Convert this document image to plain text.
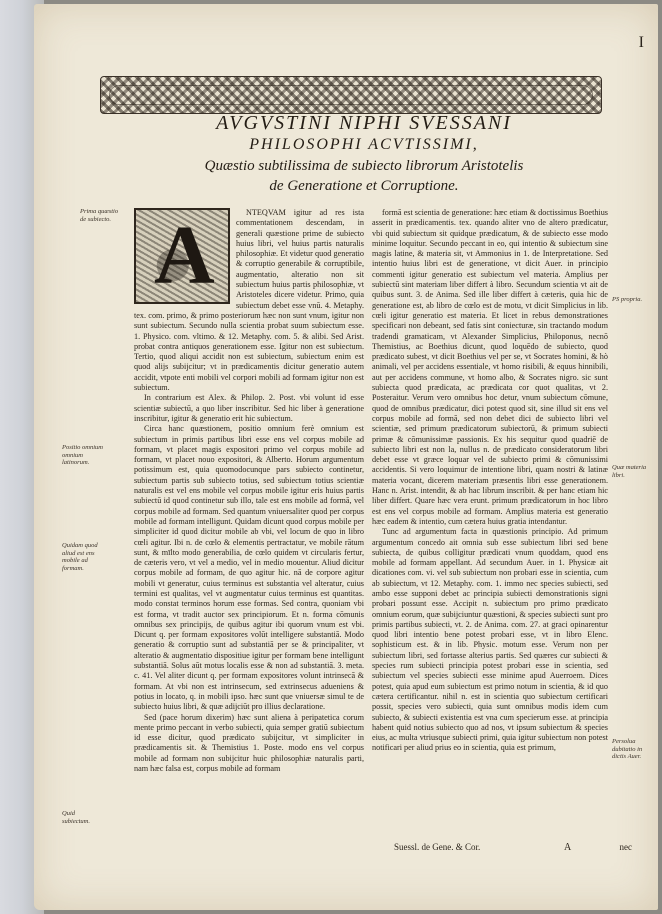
I
AVGVSTINI NIPHI SVESSANI
PHILOSOPHI ACVTISSIMI,
Quæstio subtilissima de subiecto librorum Aristotelis
de Generatione et Corruptione.
Prima quæstio de subiecto.
Positio omnium omnium latinorum.
Quidam quod aliud est ens mobile ad formam.
Quid subiectum.
PS propria.
Quæ materia libri.
Persolua dubitatio in dictis Auer.
A	NTEQVAM igitur ad res ista commentationem descendam, in generali quæstione prime de subiecto huius libri, vel huius partis naturalis philosophiæ. Et videtur quod generatio & corruptio generabile & corruptibile, augmentatio, alteratio non sit subiectum huius partis philosophiæ, vt Aristoteles dicere videtur. Primo, quia subiectum debet esse vnū. 4. Metaphy. tex. com. primo, & primo posteriorum hæc non sunt vnum, igitur non sunt subiectum. Secundo nulla scientia probat suum subiectum esse. 1. Physico. com. vltimo. & 12. Metaphy. com. 5. & alibi. Sed Arist. probat contra antiquos generationem esse. Igitur non est subiectum. Tertio, quod aliqui accidit non est subiectum, subiectum enim est quod alijs subijcitur; vt in prædicamentis dicitur generatio autem accidit, vtpote enti mobili vel corpori mobili ad formam igitur non est subiectum.

In contrarium est Alex. & Philop. 2. Post. vbi volunt id esse scientiæ subiectū, a quo liber inscribitur. Sed hic liber à generatione inscribitur, igitur & generatio erit hic subiectum.

Circa hanc quæstionem, positio omnium ferè omnium est subiectum in primis partibus libri esse ens vel corpus mobile ad formam, vt placet magis expositori primo vel corpus mobile ad formam, vt placet nouo expositori, & Alberto. Horum argumentum potissimum est, quia quomodocunque pars subiecto continetur, subiectum partis sub subiecto totius, sed subiectum totius scientiæ naturalis est vel ens mobile vel corpus mobile igitur eris huius partis subiectū id quod continetur sub illo, tale est ens mobile ad formā, vel corpus mobile ad formam. Sed quantum vniuersaliter quod per corpus mobile ad formam intelligunt. Quidam dicunt quod corpus mobile per simpliciter id quod dicitur mobile ab vbi, vel locum de quo in libro cœli agitur. Ibi n. de cœlo & elementis pertractatur, ve mobile rātum sunt, & mīlto modo generabilia, de cœlo quidem vt circularis fertur, de cæteris vero, vt vel a medio, vel in medio mouentur. Aliud dicitur corpus mobile ad formam, de quo agitur hic. nā de corpore agitur mobili vt generatur, cuius terminus est substantia vel alteratur, cuius termini est qualitas, vel vt augmentatur cuius terminus est quantitas. modo constat terminos horum esse formas. Sed contra, quoniam vbi est forma, vt tradit auctor sex principiorum. Et n. forma cōmunis omnibus sex principijs, de quibus agitur ibi quorum vnum est vbi. Dicunt q. per formam expositores volūt intelligere substantiā. Modo generatio & corruptio sunt ad substantiā per se & principaliter, vt alteratio & augmentatio dispositiue igitur per formam bene intelligunt substantiā. Solus aūt motus localis esse & non ad substantiā. 3. meta. c. 41. Vel aliter dicunt q. per formam expositores volunt intrinsecā & formam. At vbi non est intrinsecum, sed extrinsecus adueniens & potius in locato, q. in mobili ipso. hæc sunt que vniuersæ simul te de subiecto huius libri, & quæ adijciūt pro illius declaratione.

Sed (pace horum dixerim) hæc sunt aliena à peripatetica corum mente primo peccant in verbo subiecti, quia semper gratiū subiectum id esse dicitur, quod prædicato subijcitur, vt simpliciter in prædicamentis sit. & Themistius 1. Poste. modo ens vel corpus mobile ad formam non subijcitur huic philosophiæ naturalis parti, nam hæc falsa est, corpus mobile ad formam

formā est scientia de generatione: hæc etiam & doctissimus Boethius asserit in prædicamentis. tex. quando aliter vno de altero prædicatur, vbi quid subiectum sit quidque prædicatum, & de subiecto esse modo minime loquitur. Secundo peccant in eo, qui intentio & subiectum sine magis latine, & materia sit, vt Ammonius in 1. de Interpretatione. Sed intentio huius libri est de generatione, vt dicit Auer. in principio commenti igitur generatio est subiectum vel materia. Amplius per subiectū sint materiam liber differt à libro. Secundum scientia vt ait de quibus sunt. 3. de Anima. Sed ille liber differt à cæteris, quia hic de generatione est, ab libro de cœlo est de motu, vt dicit Simplicius in lib. cœli igitur generatio est materia. Et licet in rebus demonstrationes specificari non debeant, sed fatis sint coniecturæ, sin tractando modum tradendi gramaticam, vt Alexander Simplicius, Philoponus, necnō Themistius, ac Boethius dicunt, quod loquēdo de subiecto, quod prædicato subest, vt dicit Boethius vel per se, vt Socrates homini, & hò animali, vel per accidens essentiale, vt homo risibili, & equus hinnibili, aut per accidens commune, vt homo albo, & Socrates nigro. sic sunt subiecta quod prædicata, ac prædicata cor quot qualitas, vt 2. Posteraitur. Verum vero omnibus hoc detur, vnum subiectum cōmune, quod de omnibus prædicatur, dici potest quod sit, sine illud sit ens vel corpus mobile ad formā, sed non debet dici de subiecto libri vel scientiæ, sed primum prædicatorum subiectorū, & primum subiecti primæ & cōmunissimæ passionis. Ex his sequitur quod quadriē de subiecto libri est non la, nullus n. de prædicato consideratorum libri debet esse vt græce loquar vel de subiecto primi & cōmunissimi accidentis. Si vero loquimur de intentione libri, quam nostri & latinæ materia vocant, dicerem materiam præsentis libri esse generationem. Hanc n. Arist. intendit, & ab hac librum inscribit. & per hanc etiam hic liber differt. Quare hæc vera erunt. primum prædicatorum in hoc libro est ens vel corpus mobile ad formam. Amplius materia est generatio hæc eadem & intentio, cum cætera huius gratia intendantur.

Tunc ad argumentum facta in quæstionis principio. Ad primum argumentum concedo ait omnia sub esse subiectum libri sed bene subiecta, de quibus colligitur prædicati vnum quoddam, quod ens mobile ad formam appellant. Ad secundum Auer. in 1. Physicæ ait dicationes com. vi. vel sub subiectum non probari esse in scientia, cum ab subiectum, vt 12. Metaphy. com. 1. immo nec species subiecti, sed ambo esse supponi debet ac principia subiecti demonstrationis signi probari possunt esse. Accipit n. subiectum pro primo prædicato omnium eorum, quæ subijciuntur quæstioni, & species subiecti sunt pro primis partibus subiecti, vt. 2. de Anima. com. 27. at graci opinarentur quod libri intentio bene potest probari esse, vt in libro Elenc. sophisticum est. & in lib. Physic. motum esse. Verum non per subiectum libri, sed fortasse alterius partis. Sed quæres cur subiecti & species rum subiecti principia potest probari esse in scientia, sed subiectum vel species subiecti esse minime apud Auerroem. Dices potest, quia apud eum subiectum est primo notum in scientia, & id quo cætera certificantur. nihil n. est in scientia quo subiectum certificari possit, species vero subiecti, quia sunt omnibus modis idem cum subiecto, & subiecti existentia est vna cum specierum esse. at principia habent quid notius subiecto quo ad nos, vt ipsum subiectum & species eius, ac multa vtriusque subiecti primi, quia igitur subiectum non potest notificari per aliud prius eo in scientia, quia est primum,

Suessl. de Gene. & Cor.	A	nec
